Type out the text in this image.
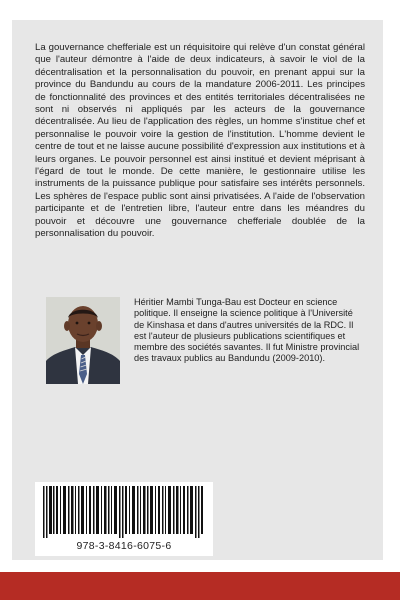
La gouvernance chefferiale est un réquisitoire qui relève d'un constat général que l'auteur démontre à l'aide de deux indicateurs, à savoir le viol de la décentralisation et la personnalisation du pouvoir, en prenant appui sur la province du Bandundu au cours de la mandature 2006-2011. Les principes de fonctionnalité des provinces et des entités territoriales décentralisées ne sont ni observés ni appliqués par les acteurs de la gouvernance décentralisée. Au lieu de l'application des règles, un homme s'institue chef et personnalise le pouvoir voire la gestion de l'institution. L'homme devient le centre de tout et ne laisse aucune possibilité d'expression aux institutions et à leurs organes. Le pouvoir personnel est ainsi institué et devient méprisant à l'égard de tout le monde. De cette manière, le gestionnaire utilise les instruments de la puissance publique pour satisfaire ses intérêts personnels. Les sphères de l'espace public sont ainsi privatisées. A l'aide de l'observation participante et de l'entretien libre, l'auteur entre dans les méandres du pouvoir et découvre une gouvernance chefferiale doublée de la personnalisation du pouvoir.

Héritier Mambi Tunga-Bau est Docteur en science politique. Il enseigne la science politique à l'Université de Kinshasa et dans d'autres universités de la RDC. Il est l'auteur de plusieurs publications scientifiques et membre des sociétés savantes. Il fut Ministre provincial des travaux publics au Bandundu (2009-2010).

978-3-8416-6075-6
